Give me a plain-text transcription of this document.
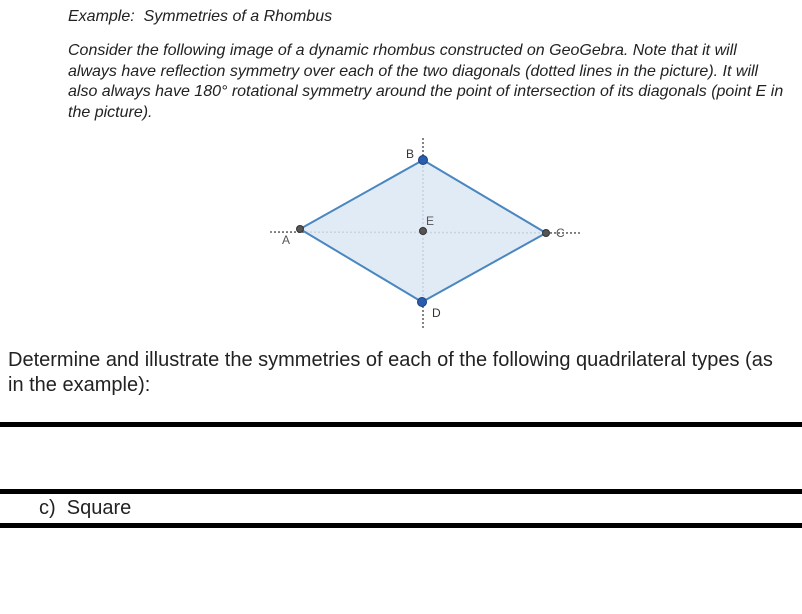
Example:  Symmetries of a Rhombus
Consider the following image of a dynamic rhombus constructed on GeoGebra. Note that it will always have reflection symmetry over each of the two diagonals (dotted lines in the picture). It will also always have 180° rotational symmetry around the point of intersection of its diagonals (point E in the picture).
A
B
C
D
E
Determine and illustrate the symmetries of each of the following quadrilateral types (as in the example):
c) Square
